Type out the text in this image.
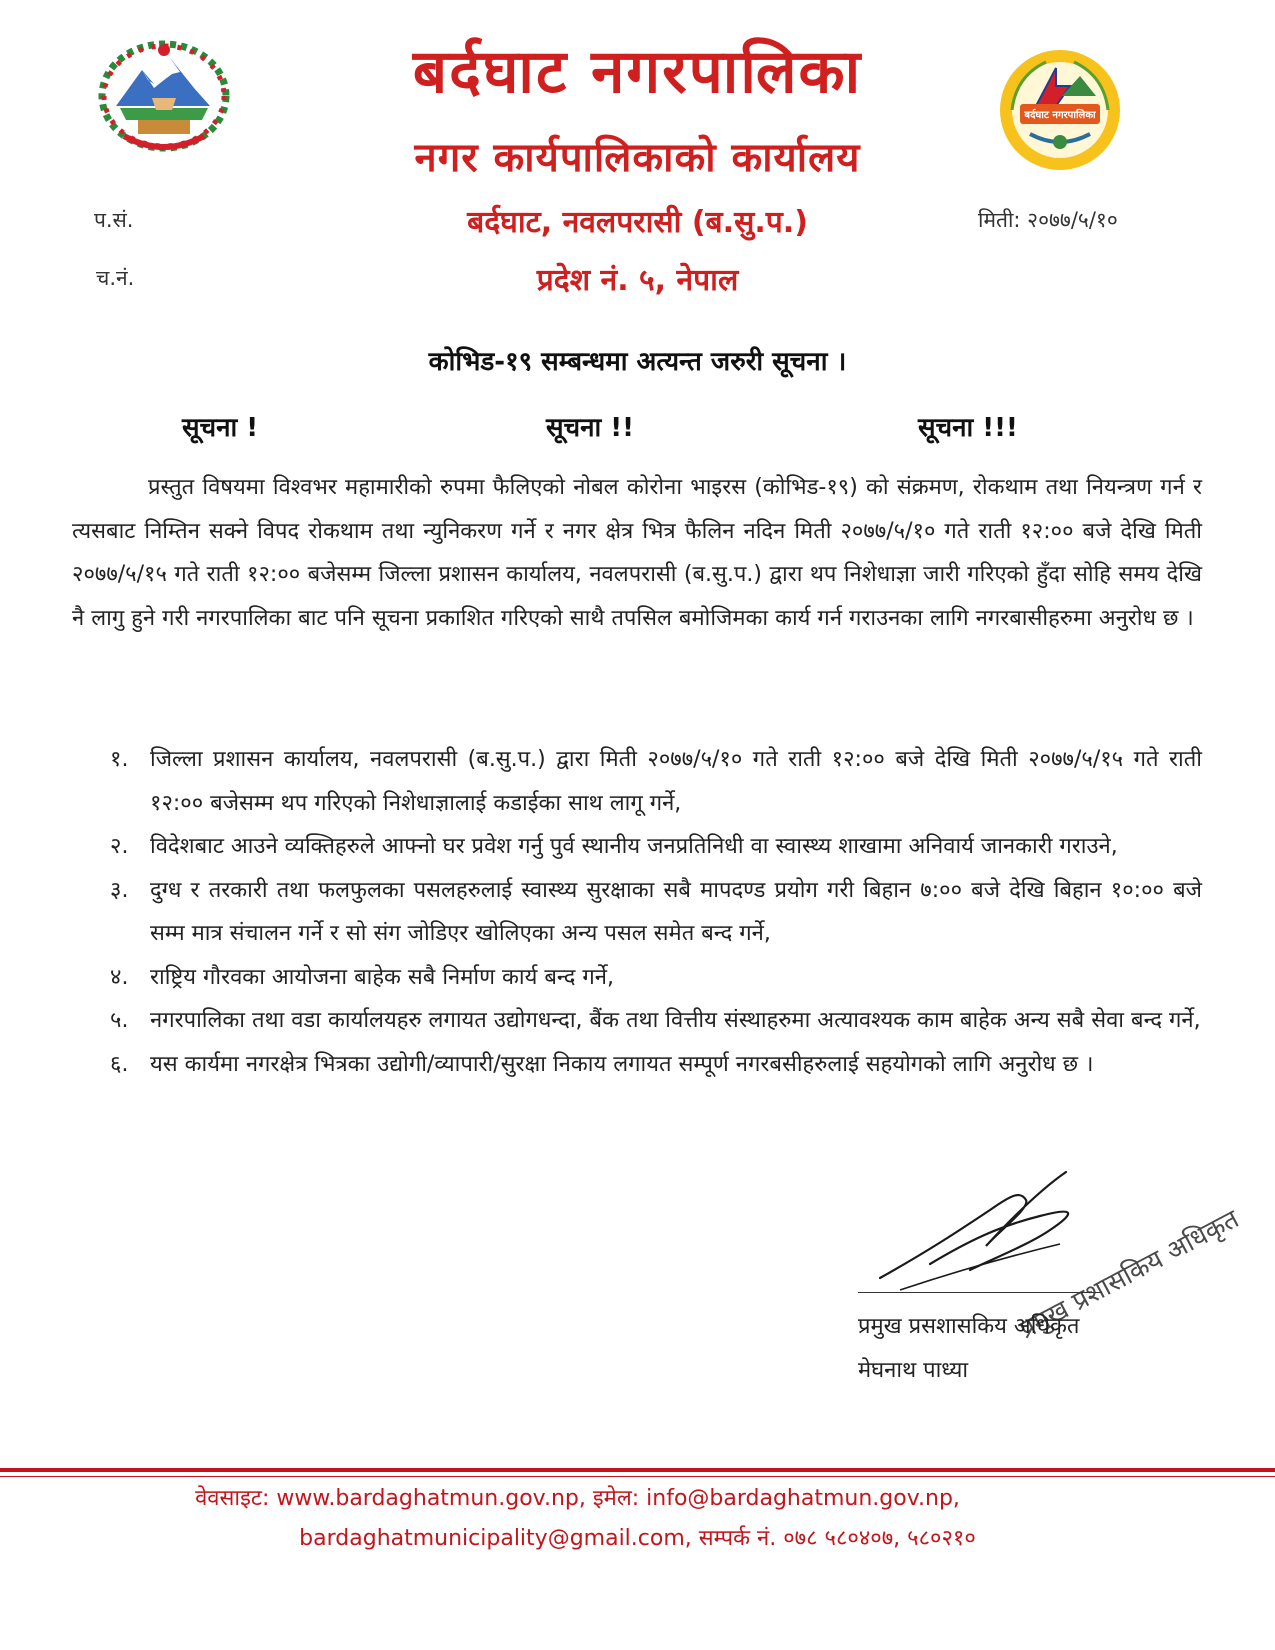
बर्दघाट नगरपालिका
बर्दघाट नगरपालिका
नगर कार्यपालिकाको कार्यालय
बर्दघाट, नवलपरासी (ब.सु.प.)
प्रदेश नं. ५, नेपाल
प.सं.
च.नं.
मिती: २०७७/५/१०
कोभिड-१९ सम्बन्धमा अत्यन्त जरुरी सूचना ।
सूचना !	सूचना !!	सूचना !!!
प्रस्तुत विषयमा विश्वभर महामारीको रुपमा फैलिएको नोबल कोरोना भाइरस (कोभिड-१९) को संक्रमण, रोकथाम तथा नियन्त्रण गर्न र त्यसबाट निम्तिन सक्ने विपद रोकथाम तथा न्युनिकरण गर्ने र नगर क्षेत्र भित्र फैलिन नदिन मिती २०७७/५/१० गते राती १२:०० बजे देखि मिती २०७७/५/१५ गते राती १२:०० बजेसम्म जिल्ला प्रशासन कार्यालय, नवलपरासी (ब.सु.प.) द्वारा थप निशेधाज्ञा जारी गरिएको हुँदा सोहि समय देखि नै लागु हुने गरी नगरपालिका बाट पनि सूचना प्रकाशित गरिएको साथै तपसिल बमोजिमका कार्य गर्न गराउनका लागि नगरबासीहरुमा अनुरोध छ ।
१. जिल्ला प्रशासन कार्यालय, नवलपरासी (ब.सु.प.) द्वारा मिती २०७७/५/१० गते राती १२:०० बजे देखि मिती २०७७/५/१५ गते राती १२:०० बजेसम्म थप गरिएको निशेधाज्ञालाई कडाईका साथ लागू गर्ने,
२. विदेशबाट आउने व्यक्तिहरुले आफ्नो घर प्रवेश गर्नु पुर्व स्थानीय जनप्रतिनिधी वा स्वास्थ्य शाखामा अनिवार्य जानकारी गराउने,
३. दुग्ध र तरकारी तथा फलफुलका पसलहरुलाई स्वास्थ्य सुरक्षाका सबै मापदण्ड प्रयोग गरी बिहान ७:०० बजे देखि बिहान १०:०० बजे सम्म मात्र संचालन गर्ने र सो संग जोडिएर खोलिएका अन्य पसल समेत बन्द गर्ने,
४. राष्ट्रिय गौरवका आयोजना बाहेक सबै निर्माण कार्य बन्द गर्ने,
५. नगरपालिका तथा वडा कार्यालयहरु लगायत उद्योगधन्दा, बैंक तथा वित्तीय संस्थाहरुमा अत्यावश्यक काम बाहेक अन्य सबै सेवा बन्द गर्ने,
६. यस कार्यमा नगरक्षेत्र भित्रका उद्योगी/व्यापारी/सुरक्षा निकाय लगायत सम्पूर्ण नगरबसीहरुलाई सहयोगको लागि अनुरोध छ ।
प्रमुख प्रशासकिय अधिकृत
प्रमुख प्रसशासकिय अधिकृत
मेघनाथ पाध्या
वेवसाइट: www.bardaghatmun.gov.np, इमेल: info@bardaghatmun.gov.np,
bardaghatmunicipality@gmail.com, सम्पर्क नं. ०७८ ५८०४०७, ५८०२१०
